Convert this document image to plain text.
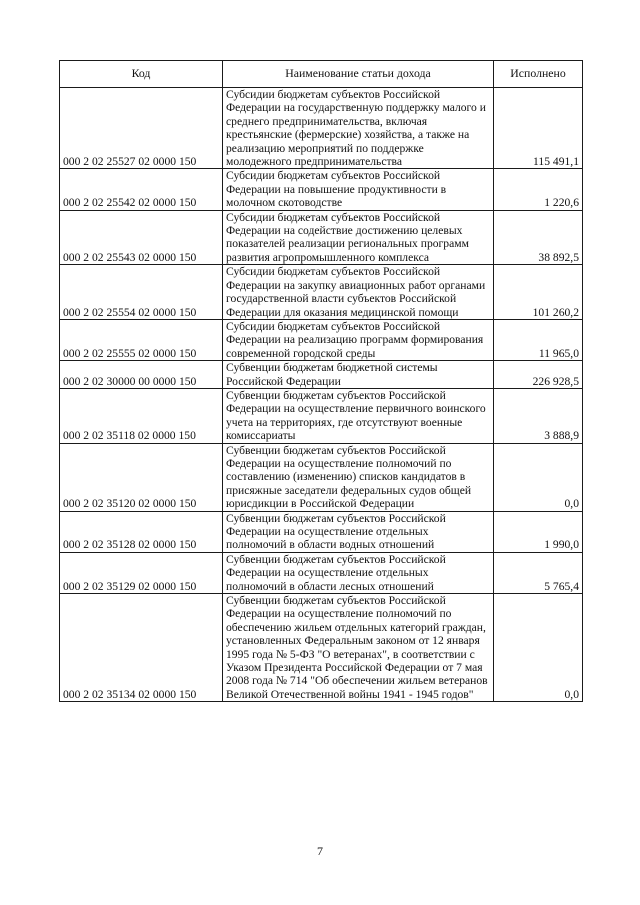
Код	Наименование статьи дохода	Исполнено
000 2 02 25527 02 0000 150	Субсидии бюджетам субъектов Российской Федерации на государственную поддержку малого и среднего предпринимательства, включая крестьянские (фермерские) хозяйства, а также на реализацию мероприятий по поддержке молодежного предпринимательства	115 491,1
000 2 02 25542 02 0000 150	Субсидии бюджетам субъектов Российской Федерации на повышение продуктивности в молочном скотоводстве	1 220,6
000 2 02 25543 02 0000 150	Субсидии бюджетам субъектов Российской Федерации на содействие достижению целевых показателей реализации региональных программ развития агропромышленного комплекса	38 892,5
000 2 02 25554 02 0000 150	Субсидии бюджетам субъектов Российской Федерации на закупку авиационных работ органами государственной власти субъектов Российской Федерации для оказания медицинской помощи	101 260,2
000 2 02 25555 02 0000 150	Субсидии бюджетам субъектов Российской Федерации на реализацию программ формирования современной городской среды	11 965,0
000 2 02 30000 00 0000 150	Субвенции бюджетам бюджетной системы Российской Федерации	226 928,5
000 2 02 35118 02 0000 150	Субвенции бюджетам субъектов Российской Федерации на осуществление первичного воинского учета на территориях, где отсутствуют военные комиссариаты	3 888,9
000 2 02 35120 02 0000 150	Субвенции бюджетам субъектов Российской Федерации на осуществление полномочий по составлению (изменению) списков кандидатов в присяжные заседатели федеральных судов общей юрисдикции в Российской Федерации	0,0
000 2 02 35128 02 0000 150	Субвенции бюджетам субъектов Российской Федерации на осуществление отдельных полномочий в области водных отношений	1 990,0
000 2 02 35129 02 0000 150	Субвенции бюджетам субъектов Российской Федерации на осуществление отдельных полномочий в области лесных отношений	5 765,4
000 2 02 35134 02 0000 150	Субвенции бюджетам субъектов Российской Федерации на осуществление полномочий по обеспечению жильем отдельных категорий граждан, установленных Федеральным законом от 12 января 1995 года № 5-ФЗ "О ветеранах", в соответствии с Указом Президента Российской Федерации от 7 мая 2008 года № 714 "Об обеспечении жильем ветеранов Великой Отечественной войны 1941 - 1945 годов"	0,0
7
